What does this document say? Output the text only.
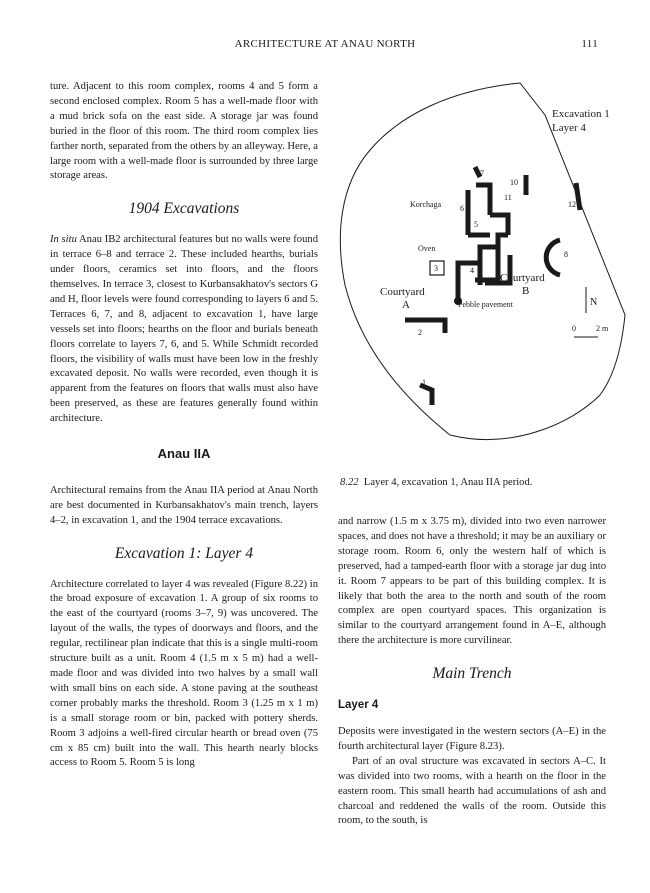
ARCHITECTURE AT ANAU NORTH	111

ture. Adjacent to this room complex, rooms 4 and 5 form a second enclosed complex. Room 5 has a well-made floor with a mud brick sofa on the east side. A storage jar was found buried in the floor of this room. The third room complex lies farther north, separated from the others by an alleyway. Here, a large room with a well-made floor is surrounded by three large storage areas.

1904 Excavations

In situ Anau IB2 architectural features but no walls were found in terrace 6–8 and terrace 2. These included hearths, burials under floors, ceramics set into floors, and the floors themselves. In terrace 3, closest to Kurbansakhatov's sectors G and H, floor levels were found corresponding to layers 6 and 5. Terraces 6, 7, and 8, adjacent to excavation 1, have large vessels set into floors; hearths on the floor and burials beneath floors correlate to layers 7, 6, and 5. While Schmidt recorded floors, the visibility of walls must have been low in the freshly excavated deposit. No walls were recorded, even though it is apparent from the features on floors that walls must also have been preserved, as these are features generally found within architecture.

Anau IIA

Architectural remains from the Anau IIA period at Anau North are best documented in Kurbansakhatov's main trench, layers 4–2, in excavation 1, and the 1904 terrace excavations.

Excavation 1: Layer 4

Architecture correlated to layer 4 was revealed (Figure 8.22) in the broad exposure of excavation 1. A group of six rooms to the east of the courtyard (rooms 3–7, 9) was uncovered. The layout of the walls, the types of doorways and floors, and the regular, rectilinear plan indicate that this is a single multi-room structure built as a unit. Room 4 (1.5 m x 5 m) had a well-made floor and was divided into two halves by a small wall with small bins on each side. A stone paving at the southeast corner probably marks the threshold. Room 3 (1.25 m x 1 m) is a small storage room or bin, packed with pottery sherds. Room 3 adjoins a well-fired circular hearth or bread oven (75 cm x 85 cm) built into the wall. This hearth nearly blocks access to Room 5. Room 5 is long

Excavation 1
Layer 4
Korchaga
Oven
Courtyard
A
Courtyard
B
Pebble pavement	N
0	2 m
2
3	4
5
6
7
8
10
11
12
1
8.22 Layer 4, excavation 1, Anau IIA period.

and narrow (1.5 m x 3.75 m), divided into two even narrower spaces, and does not have a threshold; it may be an auxiliary or storage room. Room 6, only the western half of which is preserved, had a tamped-earth floor with a storage jar dug into it. Room 7 appears to be part of this building complex. It is likely that both the area to the north and south of the room complex are open courtyard spaces. This organization is similar to the courtyard arrangement found in A–E, although there the architecture is more curvilinear.

Main Trench

Layer 4

Deposits were investigated in the western sectors (A–E) in the fourth architectural layer (Figure 8.23).

Part of an oval structure was excavated in sectors A–C. It was divided into two rooms, with a hearth on the floor in the eastern room. This small hearth had accumulations of ash and charcoal and reddened the walls of the room. Outside this room, to the south, is
